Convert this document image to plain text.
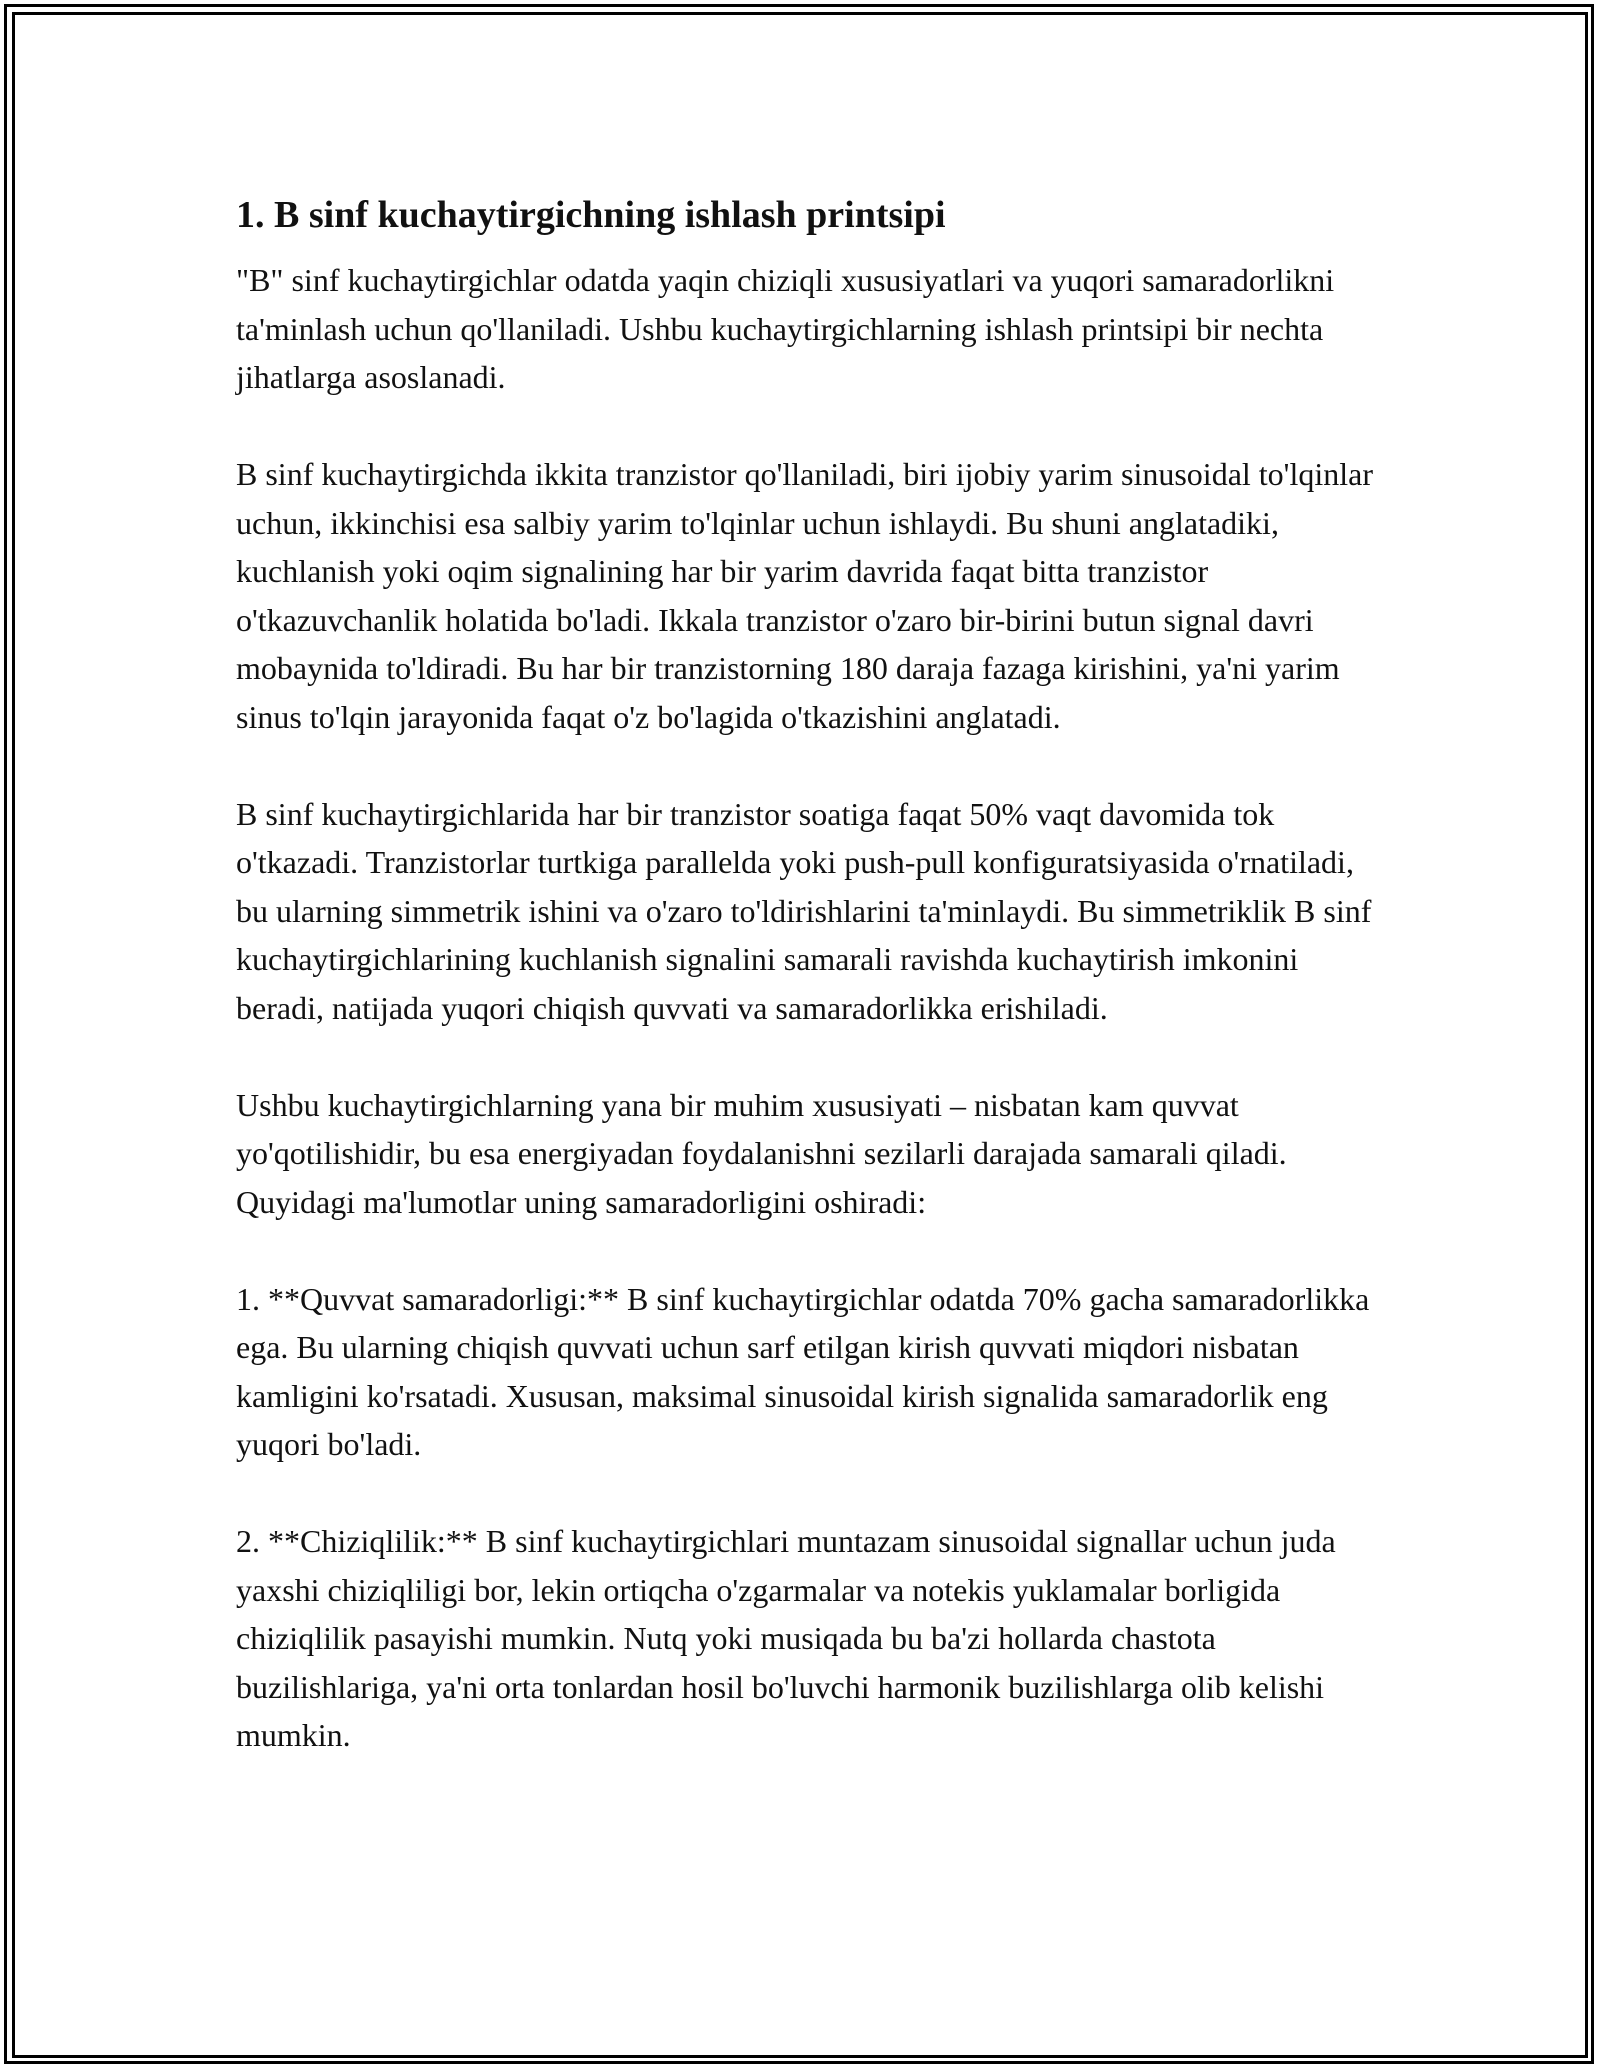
1. B sinf kuchaytirgichning ishlash printsipi

"B" sinf kuchaytirgichlar odatda yaqin chiziqli xususiyatlari va yuqori samaradorlikni ta'minlash uchun qo'llaniladi. Ushbu kuchaytirgichlarning ishlash printsipi bir nechta jihatlarga asoslanadi.

B sinf kuchaytirgichda ikkita tranzistor qo'llaniladi, biri ijobiy yarim sinusoidal to'lqinlar uchun, ikkinchisi esa salbiy yarim to'lqinlar uchun ishlaydi. Bu shuni anglatadiki, kuchlanish yoki oqim signalining har bir yarim davrida faqat bitta tranzistor o'tkazuvchanlik holatida bo'ladi. Ikkala tranzistor o'zaro bir-birini butun signal davri mobaynida to'ldiradi. Bu har bir tranzistorning 180 daraja fazaga kirishini, ya'ni yarim sinus to'lqin jarayonida faqat o'z bo'lagida o'tkazishini anglatadi.

B sinf kuchaytirgichlarida har bir tranzistor soatiga faqat 50% vaqt davomida tok o'tkazadi. Tranzistorlar turtkiga parallelda yoki push-pull konfiguratsiyasida o'rnatiladi, bu ularning simmetrik ishini va o'zaro to'ldirishlarini ta'minlaydi. Bu simmetriklik B sinf kuchaytirgichlarining kuchlanish signalini samarali ravishda kuchaytirish imkonini beradi, natijada yuqori chiqish quvvati va samaradorlikka erishiladi.

Ushbu kuchaytirgichlarning yana bir muhim xususiyati – nisbatan kam quvvat yo'qotilishidir, bu esa energiyadan foydalanishni sezilarli darajada samarali qiladi. Quyidagi ma'lumotlar uning samaradorligini oshiradi:

1. **Quvvat samaradorligi:** B sinf kuchaytirgichlar odatda 70% gacha samaradorlikka ega. Bu ularning chiqish quvvati uchun sarf etilgan kirish quvvati miqdori nisbatan kamligini ko'rsatadi. Xususan, maksimal sinusoidal kirish signalida samaradorlik eng yuqori bo'ladi.

2. **Chiziqlilik:** B sinf kuchaytirgichlari muntazam sinusoidal signallar uchun juda yaxshi chiziqliligi bor, lekin ortiqcha o'zgarmalar va notekis yuklamalar borligida chiziqlilik pasayishi mumkin. Nutq yoki musiqada bu ba'zi hollarda chastota buzilishlariga, ya'ni orta tonlardan hosil bo'luvchi harmonik buzilishlarga olib kelishi mumkin.
